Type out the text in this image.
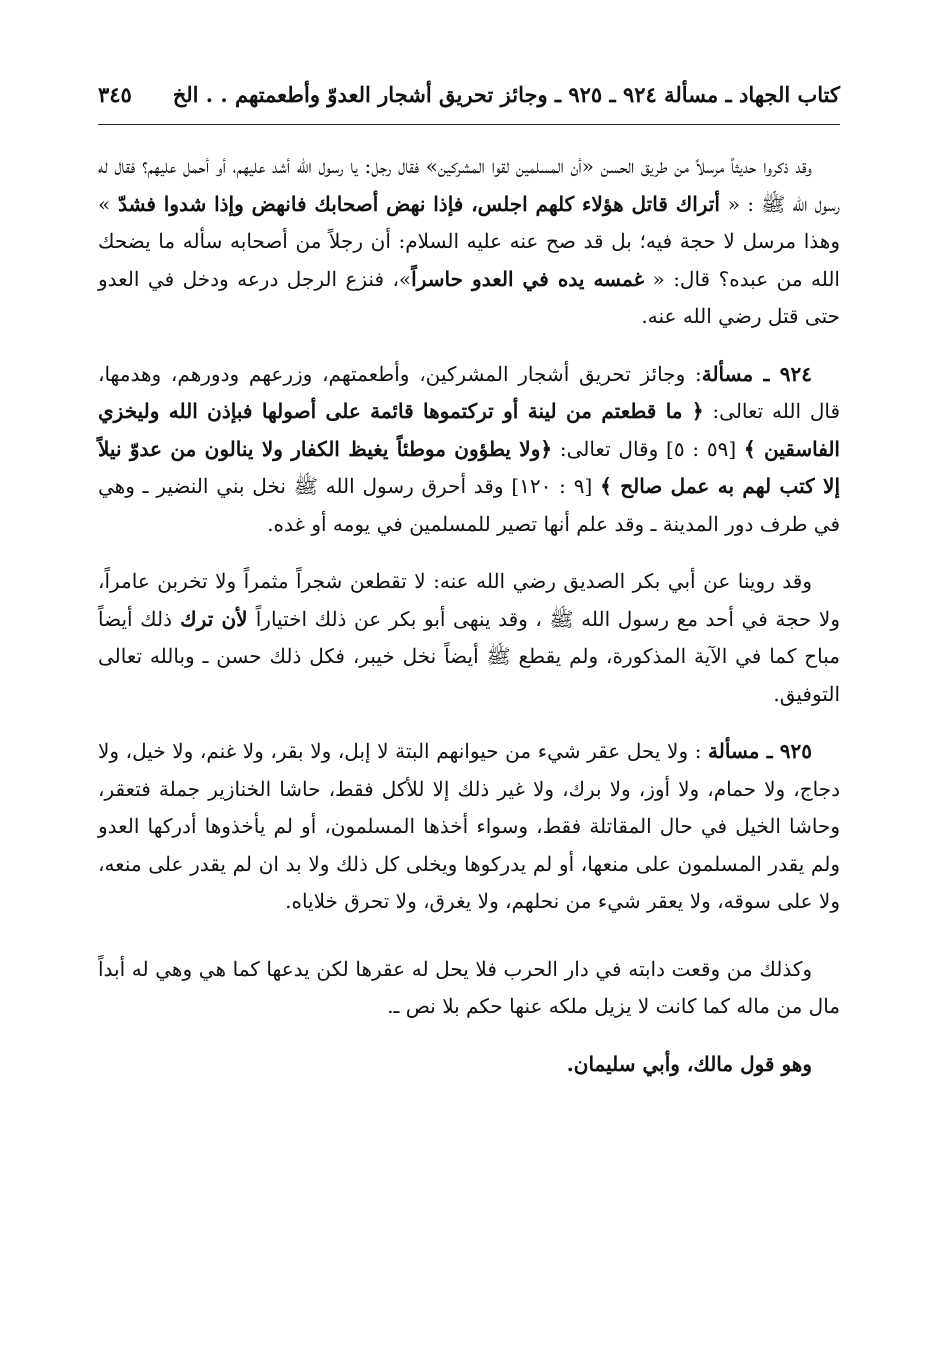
كتاب الجهاد ـ مسألة ٩٢٤ ـ ٩٢٥ ـ وجائز تحريق أشجار العدوّ وأطعمتهم . . الخ
٣٤٥

وقد ذكروا حديثاً مرسلاً من طريق الحسن «أن المسلمين لقوا المشركين» فقال رجل: يا رسول الله أشد عليهم، أو أحمل عليهم؟ فقال له رسول الله ﷺ : « أتراك قاتل هؤلاء كلهم اجلس، فإذا نهض أصحابك فانهض وإذا شدوا فشدّ » وهذا مرسل لا حجة فيه؛ بل قد صح عنه عليه السلام: أن رجلاً من أصحابه سأله ما يضحك الله من عبده؟ قال: « غمسه يده في العدو حاسراً»، فنزع الرجل درعه ودخل في العدو حتى قتل رضي الله عنه.

٩٢٤ ـ مسألة: وجائز تحريق أشجار المشركين، وأطعمتهم، وزرعهم ودورهم، وهدمها، قال الله تعالى: ﴿ ما قطعتم من لينة أو تركتموها قائمة على أصولها فبإذن الله وليخزي الفاسقين ﴾ [٥٩ : ٥] وقال تعالى: ﴿ولا يطؤون موطئاً يغيظ الكفار ولا ينالون من عدوّ نيلاً إلا كتب لهم به عمل صالح ﴾ [٩ : ١٢٠] وقد أحرق رسول الله ﷺ نخل بني النضير ـ وهي في طرف دور المدينة ـ وقد علم أنها تصير للمسلمين في يومه أو غده.

وقد روينا عن أبي بكر الصديق رضي الله عنه: لا تقطعن شجراً مثمراً ولا تخربن عامراً، ولا حجة في أحد مع رسول الله ﷺ ، وقد ينهى أبو بكر عن ذلك اختياراً لأن ترك ذلك أيضاً مباح كما في الآية المذكورة، ولم يقطع ﷺ أيضاً نخل خيبر، فكل ذلك حسن ـ وبالله تعالى التوفيق.

٩٢٥ ـ مسألة : ولا يحل عقر شيء من حيوانهم البتة لا إبل، ولا بقر، ولا غنم، ولا خيل، ولا دجاج، ولا حمام، ولا أوز، ولا برك، ولا غير ذلك إلا للأكل فقط، حاشا الخنازير جملة فتعقر، وحاشا الخيل في حال المقاتلة فقط، وسواء أخذها المسلمون، أو لم يأخذوها أدركها العدو ولم يقدر المسلمون على منعها، أو لم يدركوها ويخلى كل ذلك ولا بد ان لم يقدر على منعه، ولا على سوقه، ولا يعقر شيء من نحلهم، ولا يغرق، ولا تحرق خلاياه.

وكذلك من وقعت دابته في دار الحرب فلا يحل له عقرها لكن يدعها كما هي وهي له أبداً مال من ماله كما كانت لا يزيل ملكه عنها حكم بلا نص ـ.

وهو قول مالك، وأبي سليمان.
